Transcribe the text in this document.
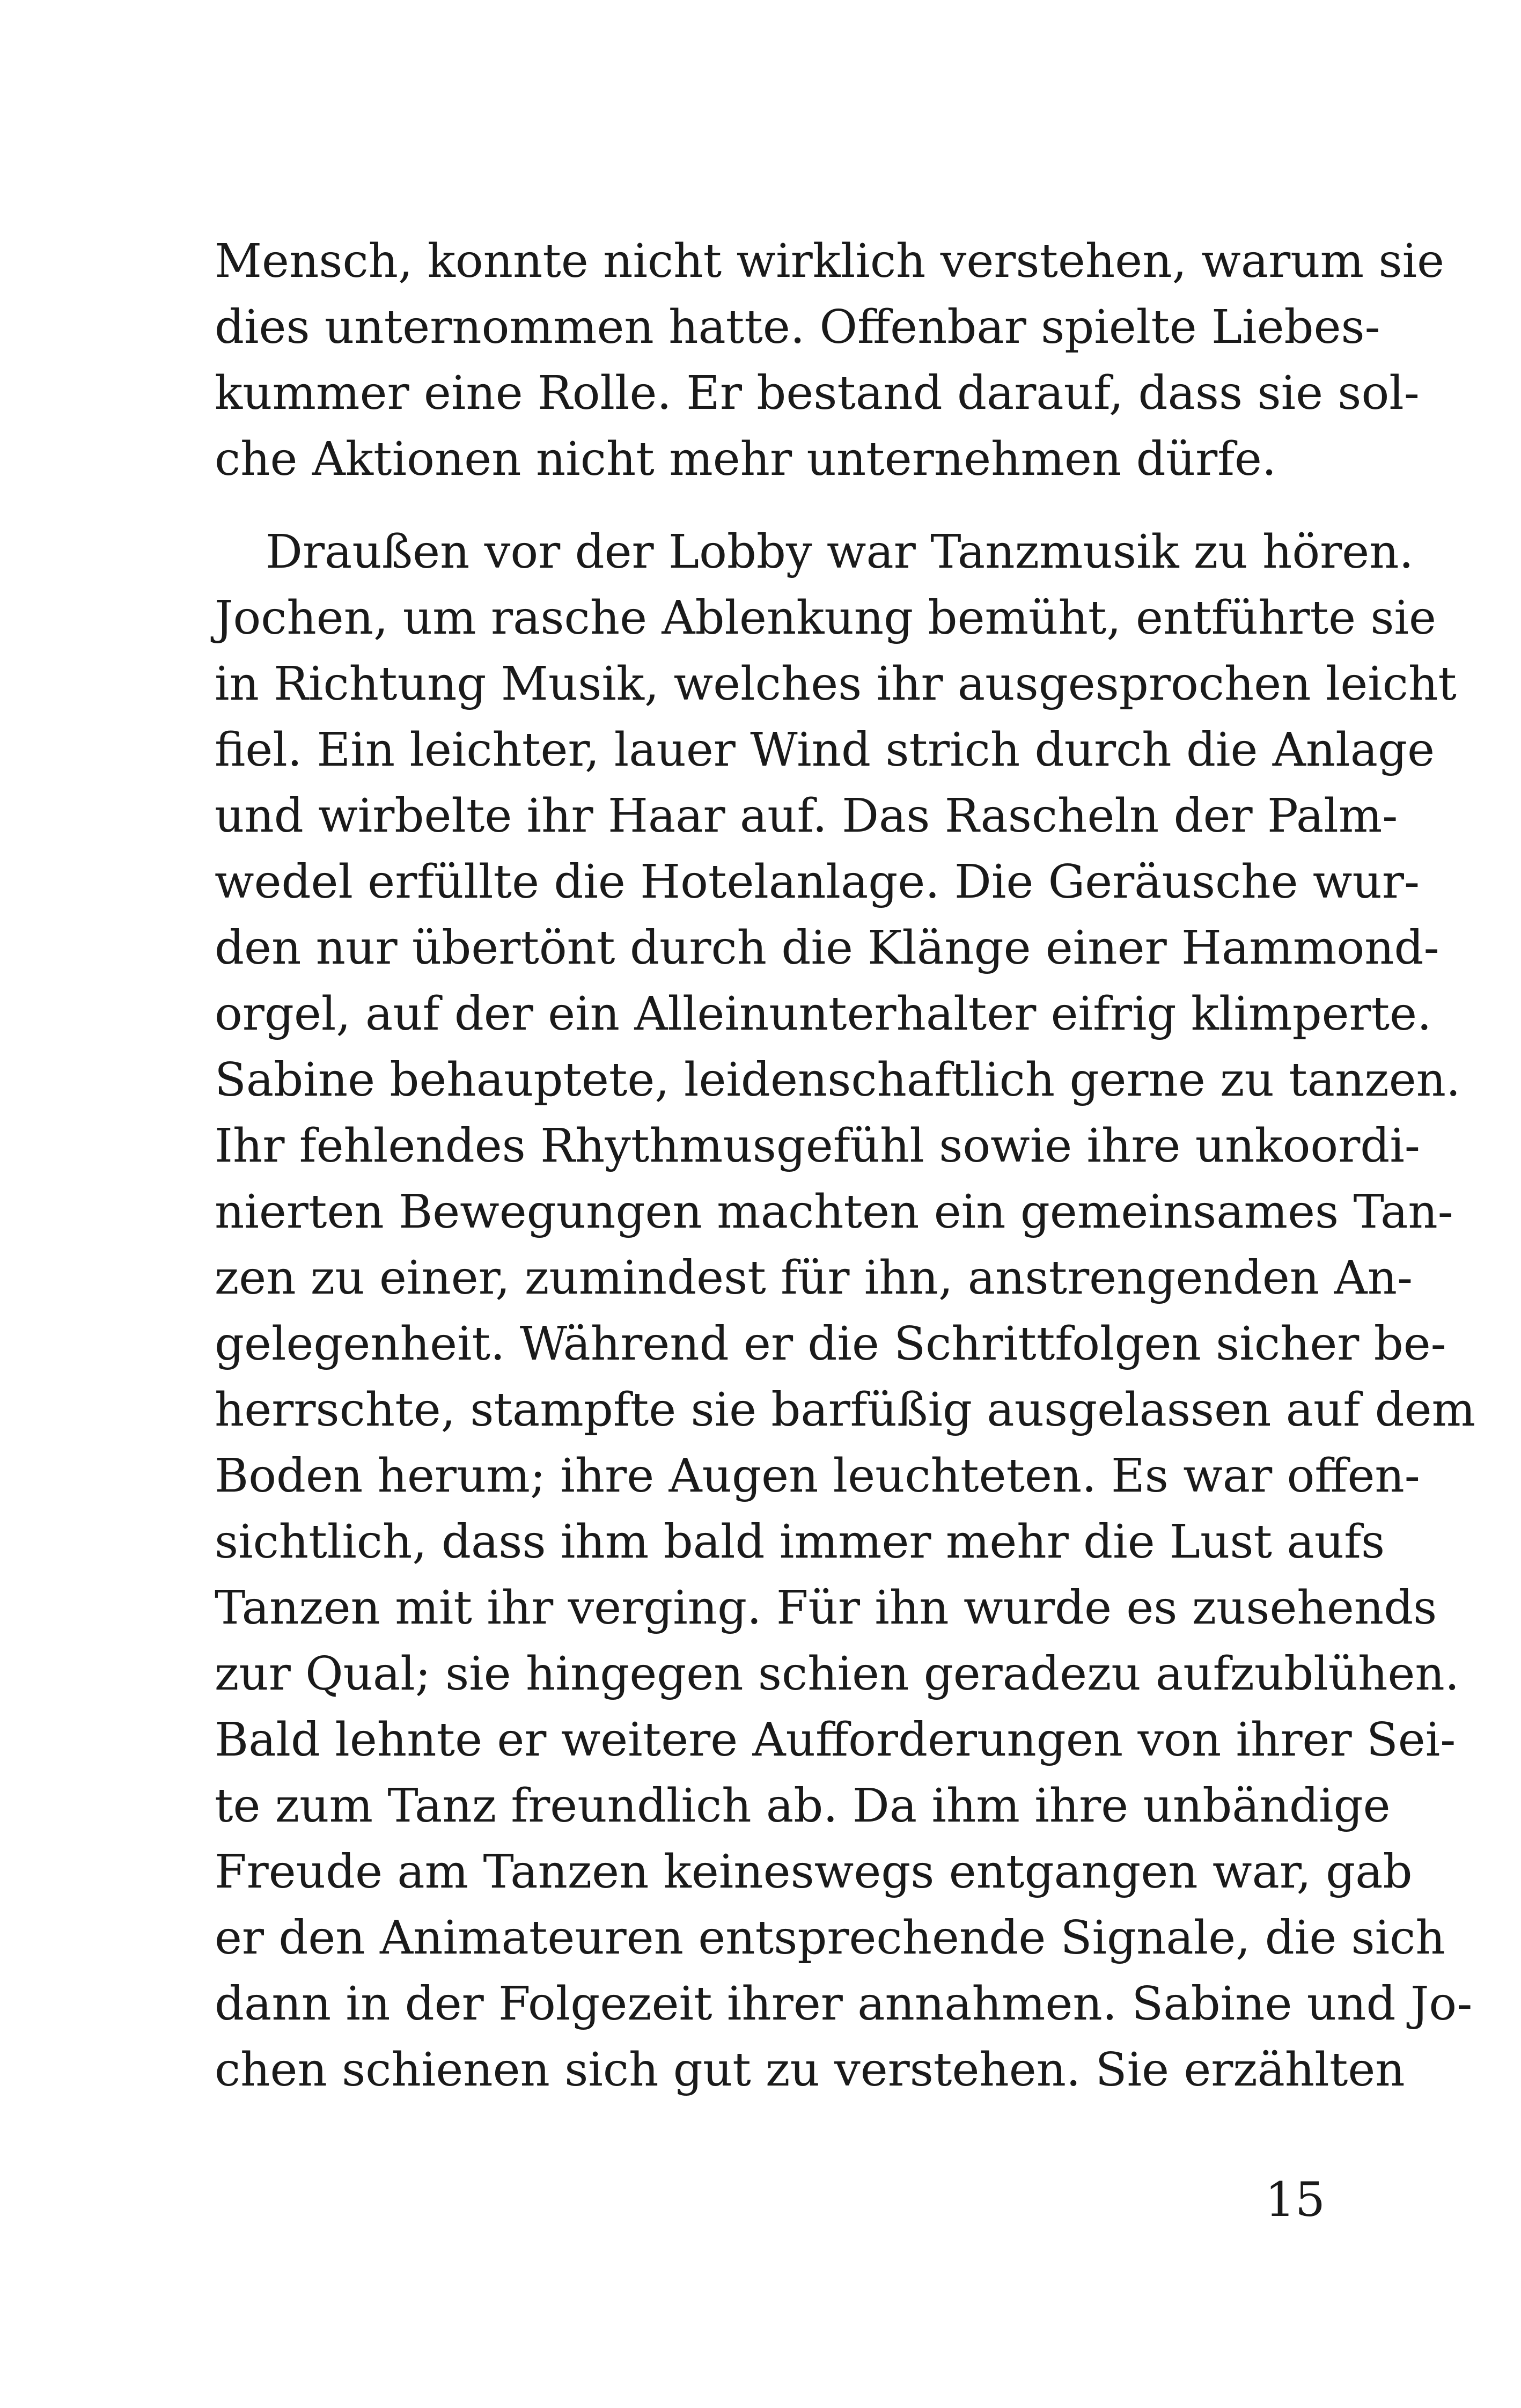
Mensch, konnte nicht wirklich verstehen, warum sie
dies unternommen hatte. Offenbar spielte Liebes-
kummer eine Rolle. Er bestand darauf, dass sie sol-
che Aktionen nicht mehr unternehmen dürfe.
Draußen vor der Lobby war Tanzmusik zu hören.
Jochen, um rasche Ablenkung bemüht, entführte sie
in Richtung Musik, welches ihr ausgesprochen leicht
fiel. Ein leichter, lauer Wind strich durch die Anlage
und wirbelte ihr Haar auf. Das Rascheln der Palm-
wedel erfüllte die Hotelanlage. Die Geräusche wur-
den nur übertönt durch die Klänge einer Hammond-
orgel, auf der ein Alleinunterhalter eifrig klimperte.
Sabine behauptete, leidenschaftlich gerne zu tanzen.
Ihr fehlendes Rhythmusgefühl sowie ihre unkoordi-
nierten Bewegungen machten ein gemeinsames Tan-
zen zu einer, zumindest für ihn, anstrengenden An-
gelegenheit. Während er die Schrittfolgen sicher be-
herrschte, stampfte sie barfüßig ausgelassen auf dem
Boden herum; ihre Augen leuchteten. Es war offen-
sichtlich, dass ihm bald immer mehr die Lust aufs
Tanzen mit ihr verging. Für ihn wurde es zusehends
zur Qual; sie hingegen schien geradezu aufzublühen.
Bald lehnte er weitere Aufforderungen von ihrer Sei-
te zum Tanz freundlich ab. Da ihm ihre unbändige
Freude am Tanzen keineswegs entgangen war, gab
er den Animateuren entsprechende Signale, die sich
dann in der Folgezeit ihrer annahmen. Sabine und Jo-
chen schienen sich gut zu verstehen. Sie erzählten
15
